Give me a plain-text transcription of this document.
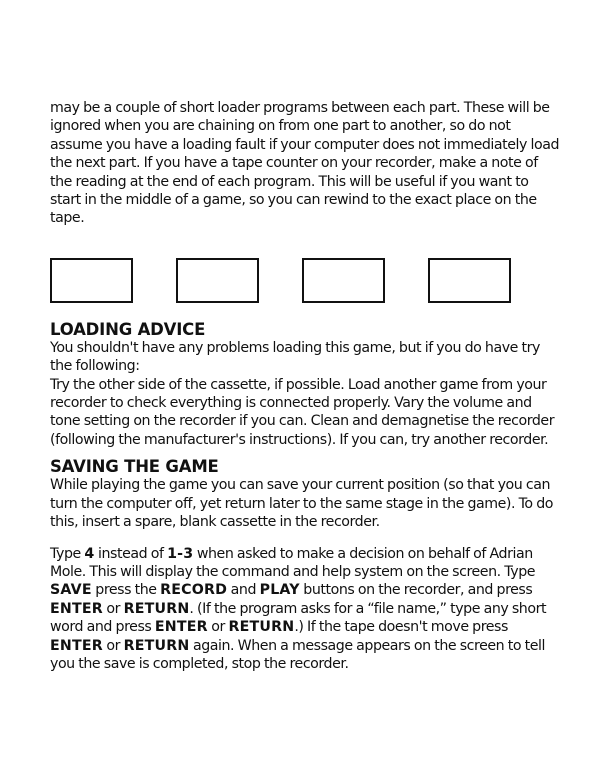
may be a couple of short loader programs between each part. These will be ignored when you are chaining on from one part to another, so do not assume you have a loading fault if your computer does not immediately load the next part. If you have a tape counter on your recorder, make a note of the reading at the end of each program. This will be useful if you want to start in the middle of a game, so you can rewind to the exact place on the tape.

LOADING ADVICE

You shouldn't have any problems loading this game, but if you do have try the following:

Try the other side of the cassette, if possible. Load another game from your recorder to check everything is connected properly. Vary the volume and tone setting on the recorder if you can. Clean and demagnetise the recorder (following the manufacturer's instructions). If you can, try another recorder.

SAVING THE GAME

While playing the game you can save your current position (so that you can turn the computer off, yet return later to the same stage in the game). To do this, insert a spare, blank cassette in the recorder.

Type 4 instead of 1-3 when asked to make a decision on behalf of Adrian Mole. This will display the command and help system on the screen. Type SAVE press the RECORD and PLAY buttons on the recorder, and press ENTER or RETURN. (If the program asks for a “file name,” type any short word and press ENTER or RETURN.) If the tape doesn't move press ENTER or RETURN again. When a message appears on the screen to tell you the save is completed, stop the recorder.
